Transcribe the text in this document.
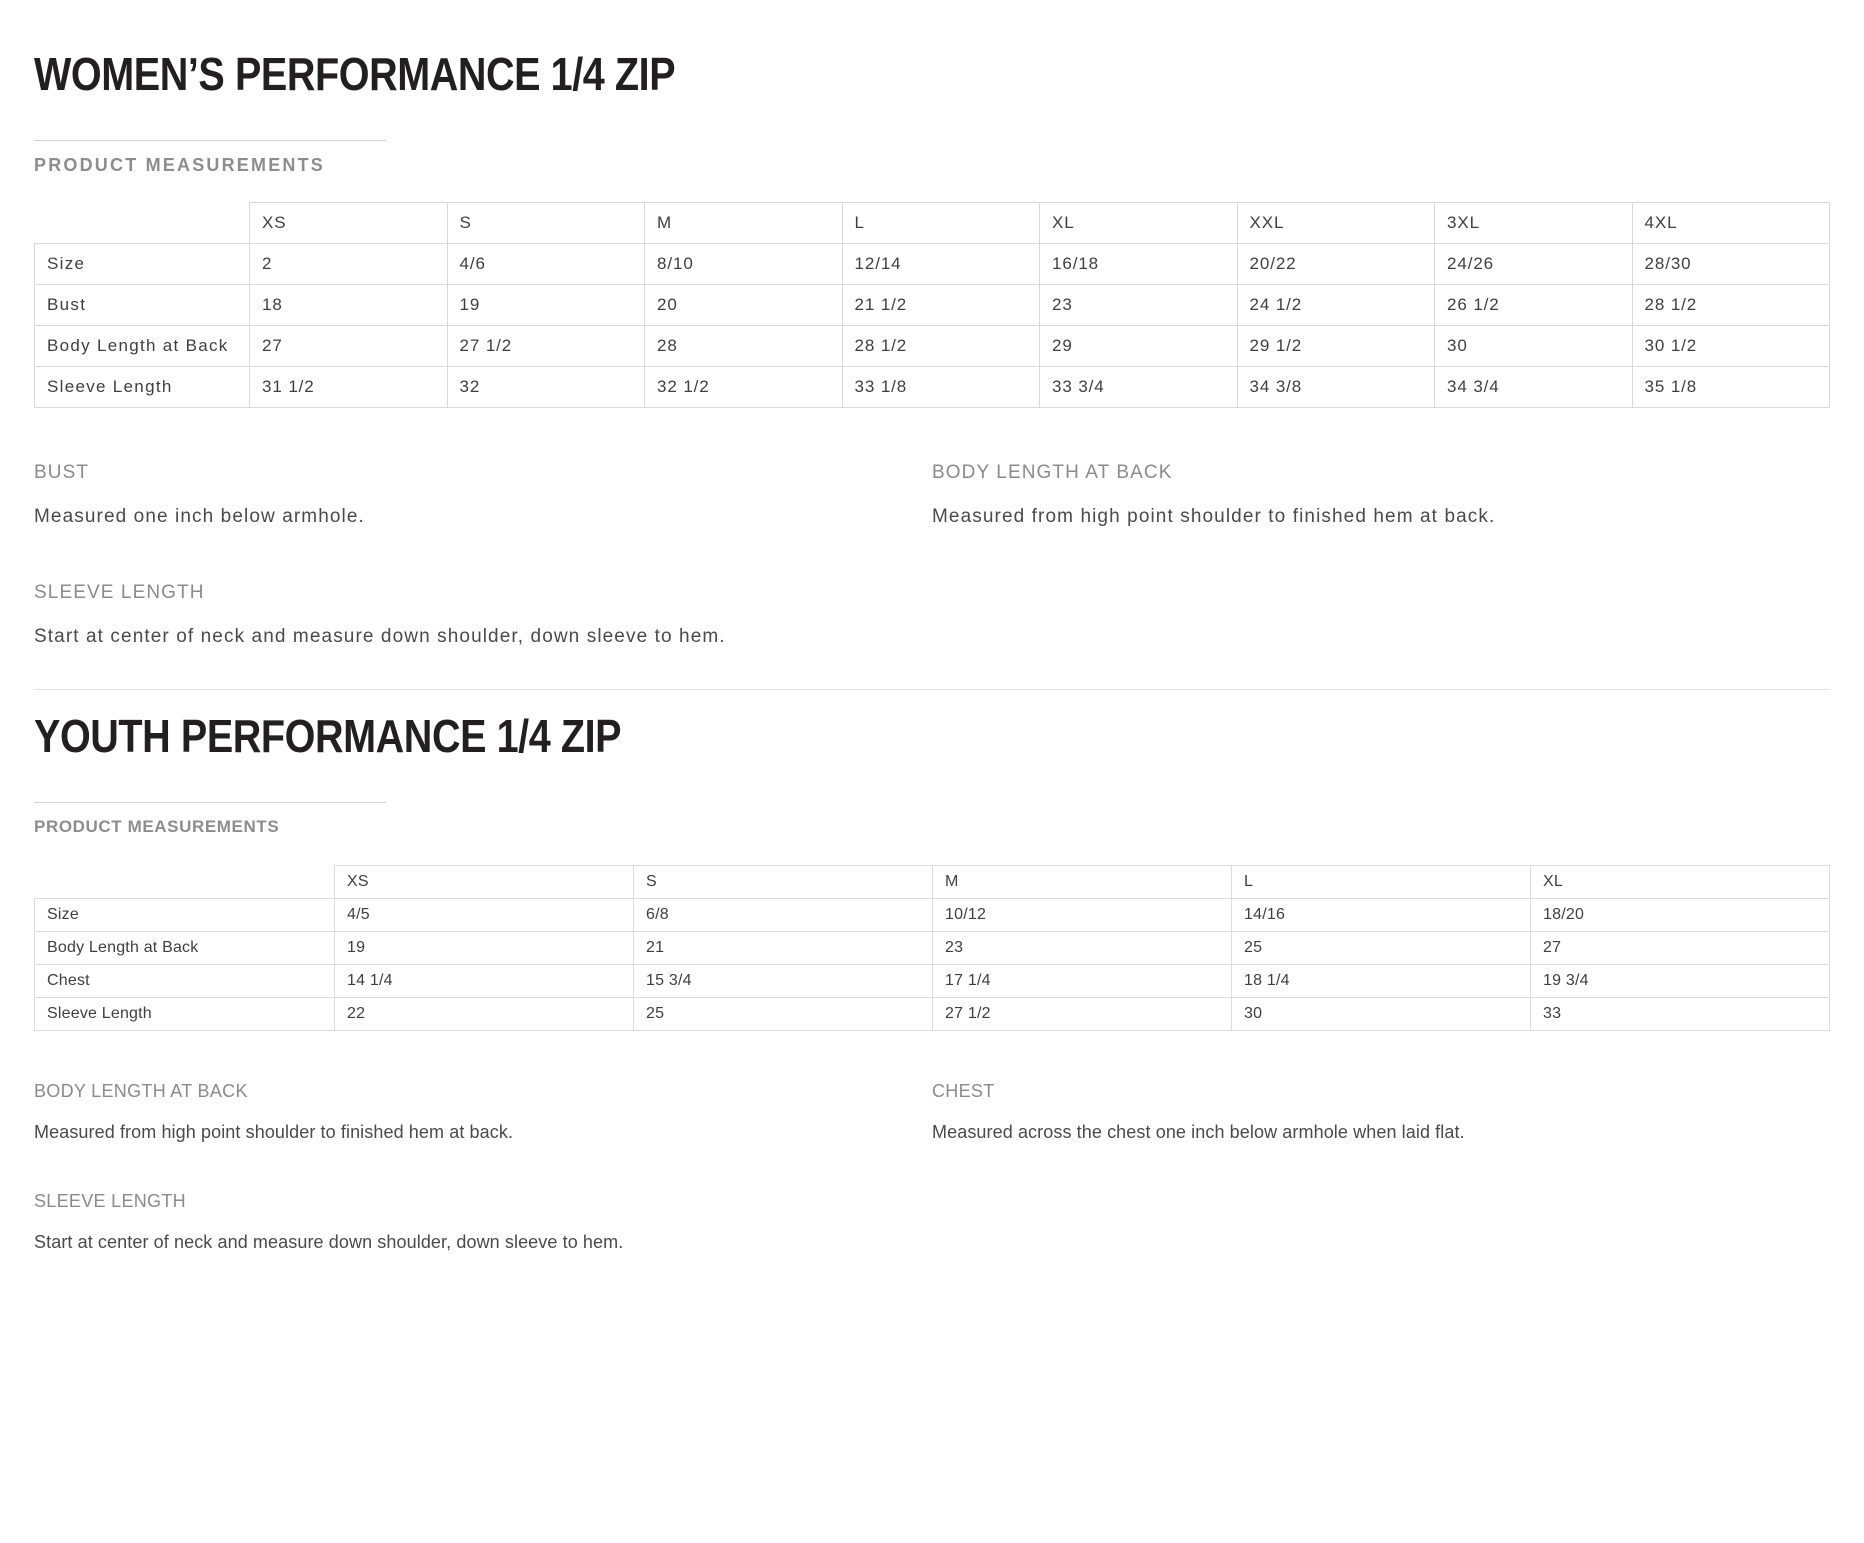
WOMEN’S PERFORMANCE 1/4 ZIP
PRODUCT MEASUREMENTS
	XS	S	M	L	XL	XXL	3XL	4XL
Size	2	4/6	8/10	12/14	16/18	20/22	24/26	28/30
Bust	18	19	20	21 1/2	23	24 1/2	26 1/2	28 1/2
Body Length at Back	27	27 1/2	28	28 1/2	29	29 1/2	30	30 1/2
Sleeve Length	31 1/2	32	32 1/2	33 1/8	33 3/4	34 3/8	34 3/4	35 1/8
BUST
Measured one inch below armhole.
BODY LENGTH AT BACK
Measured from high point shoulder to finished hem at back.
SLEEVE LENGTH
Start at center of neck and measure down shoulder, down sleeve to hem.
YOUTH PERFORMANCE 1/4 ZIP
PRODUCT MEASUREMENTS
	XS	S	M	L	XL
Size	4/5	6/8	10/12	14/16	18/20
Body Length at Back	19	21	23	25	27
Chest	14 1/4	15 3/4	17 1/4	18 1/4	19 3/4
Sleeve Length	22	25	27 1/2	30	33
BODY LENGTH AT BACK
Measured from high point shoulder to finished hem at back.
CHEST
Measured across the chest one inch below armhole when laid flat.
SLEEVE LENGTH
Start at center of neck and measure down shoulder, down sleeve to hem.
